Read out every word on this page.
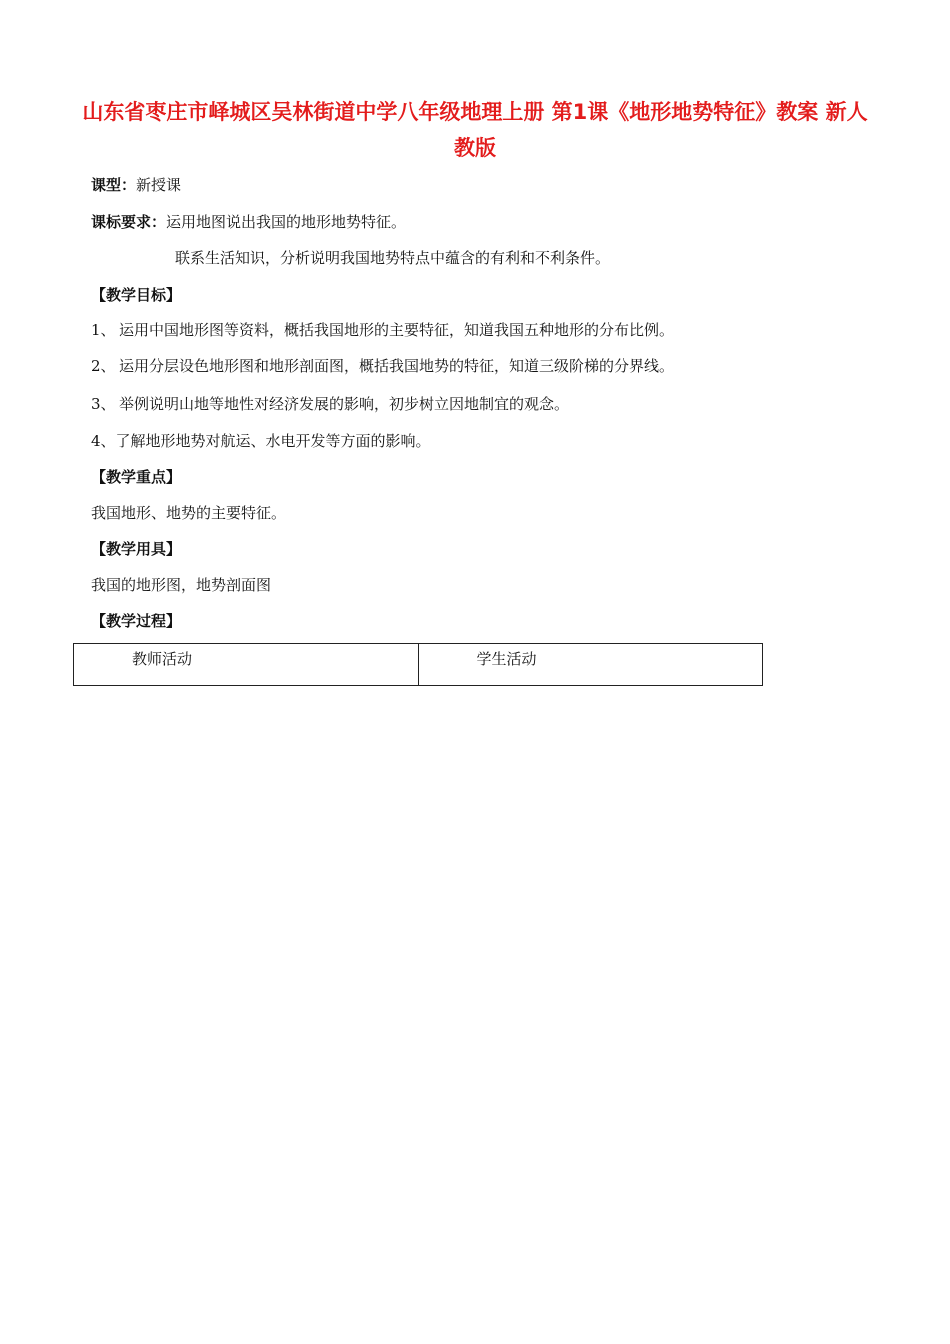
山东省枣庄市峄城区吴林街道中学八年级地理上册 第1课《地形地势特征》教案 新人教版
课型：新授课
课标要求：运用地图说出我国的地形地势特征。
联系生活知识，分析说明我国地势特点中蕴含的有利和不利条件。
【教学目标】
1、 运用中国地形图等资料，概括我国地形的主要特征，知道我国五种地形的分布比例。
2、 运用分层设色地形图和地形剖面图，概括我国地势的特征，知道三级阶梯的分界线。
3、 举例说明山地等地性对经济发展的影响，初步树立因地制宜的观念。
4、了解地形地势对航运、水电开发等方面的影响。
【教学重点】
我国地形、地势的主要特征。
【教学用具】
我国的地形图，地势剖面图
【教学过程】
教师活动	学生活动
